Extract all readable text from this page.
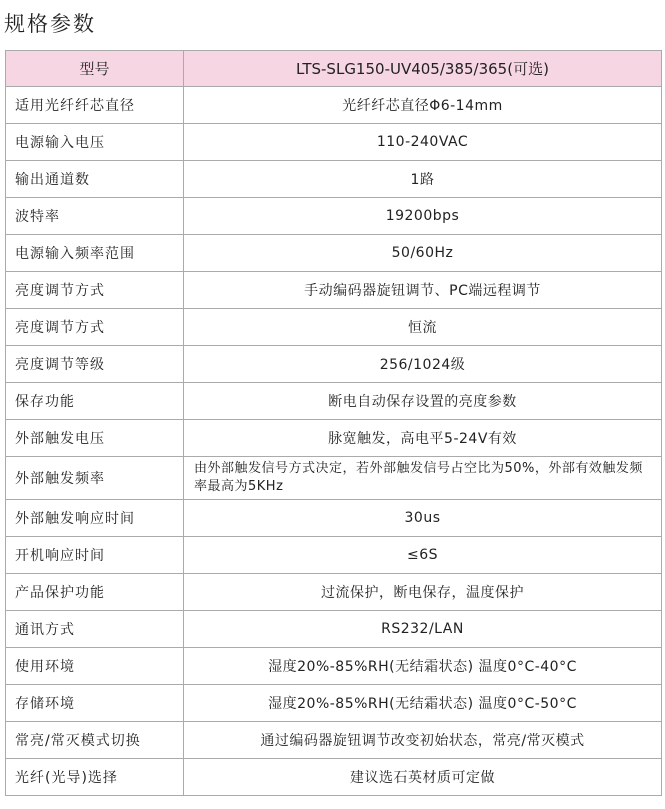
规格参数
型号	LTS-SLG150-UV405/385/365(可选)
适用光纤纤芯直径	光纤纤芯直径Φ6-14mm
电源输入电压	110-240VAC
输出通道数	1路
波特率	19200bps
电源输入频率范围	50/60Hz
亮度调节方式	手动编码器旋钮调节、PC端远程调节
亮度调节方式	恒流
亮度调节等级	256/1024级
保存功能	断电自动保存设置的亮度参数
外部触发电压	脉宽触发，高电平5-24V有效
外部触发频率	由外部触发信号方式决定，若外部触发信号占空比为50%，外部有效触发频率最高为5KHz
外部触发响应时间	30us
开机响应时间	≤6S
产品保护功能	过流保护，断电保存，温度保护
通讯方式	RS232/LAN
使用环境	湿度20%-85%RH(无结霜状态) 温度0°C-40°C
存储环境	湿度20%-85%RH(无结霜状态) 温度0°C-50°C
常亮/常灭模式切换	通过编码器旋钮调节改变初始状态，常亮/常灭模式
光纤(光导)选择	建议选石英材质可定做
